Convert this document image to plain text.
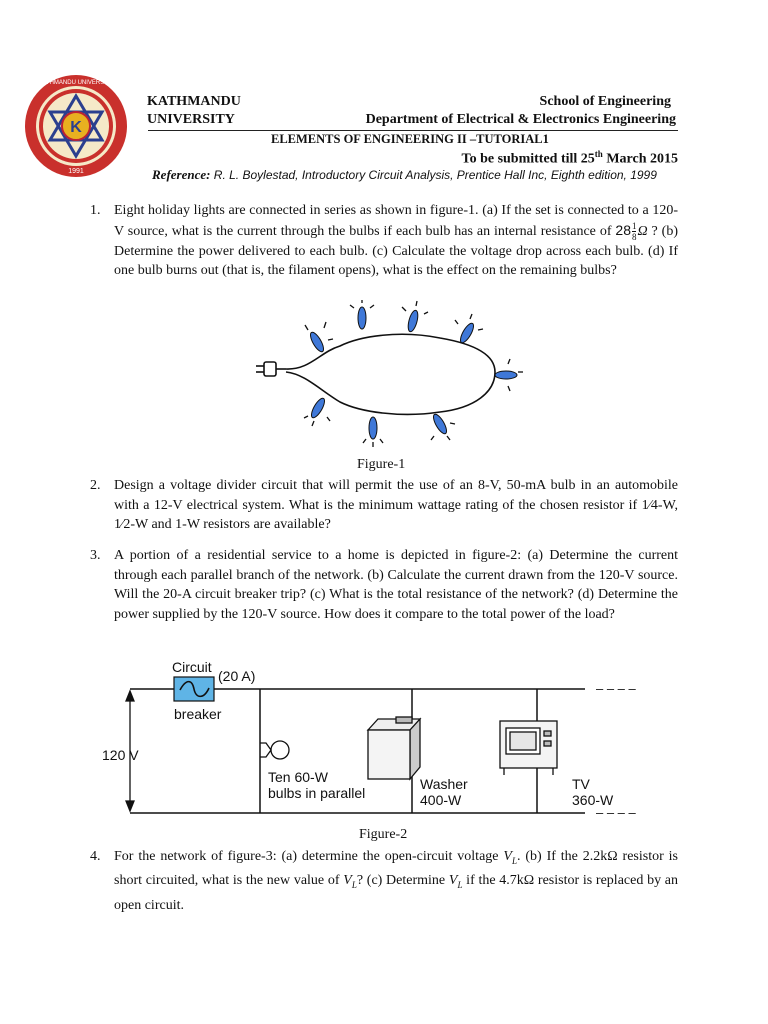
K
KATHMANDU UNIVERSITY
1991
KATHMANDU
UNIVERSITY
School of Engineering
Department of Electrical & Electronics Engineering
ELEMENTS OF ENGINEERING II –TUTORIAL1
To be submitted till 25th March 2015
Reference: R. L. Boylestad, Introductory Circuit Analysis, Prentice Hall Inc, Eighth edition, 1999
1. Eight holiday lights are connected in series as shown in figure-1. (a) If the set is connected to a 120-V source, what is the current through the bulbs if each bulb has an internal resistance of $28 \frac{1}{8}$ Ω ? (b) Determine the power delivered to each bulb. (c) Calculate the voltage drop across each bulb. (d) If one bulb burns out (that is, the filament opens), what is the effect on the remaining bulbs?
Figure-1
2. Design a voltage divider circuit that will permit the use of an 8-V, 50-mA bulb in an automobile with a 12-V electrical system. What is the minimum wattage rating of the chosen resistor if 1⁄4-W, 1⁄2-W and 1-W resistors are available?
3. A portion of a residential service to a home is depicted in figure-2: (a) Determine the current through each parallel branch of the network. (b) Calculate the current drawn from the 120-V source. Will the 20-A circuit breaker trip? (c) What is the total resistance of the network? (d) Determine the power supplied by the 120-V source. How does it compare to the total power of the load?
– – – –
– – – –
Circuit
(20 A)
breaker
120 V
Ten 60-W
bulbs in parallel
Washer
400-W
TV
360-W
Figure-2
4. For the network of figure-3: (a) determine the open-circuit voltage $V_L$. (b) If the 2.2kΩ resistor is short circuited, what is the new value of $V_L$? (c) Determine $V_L$ if the 4.7kΩ resistor is replaced by an open circuit.
